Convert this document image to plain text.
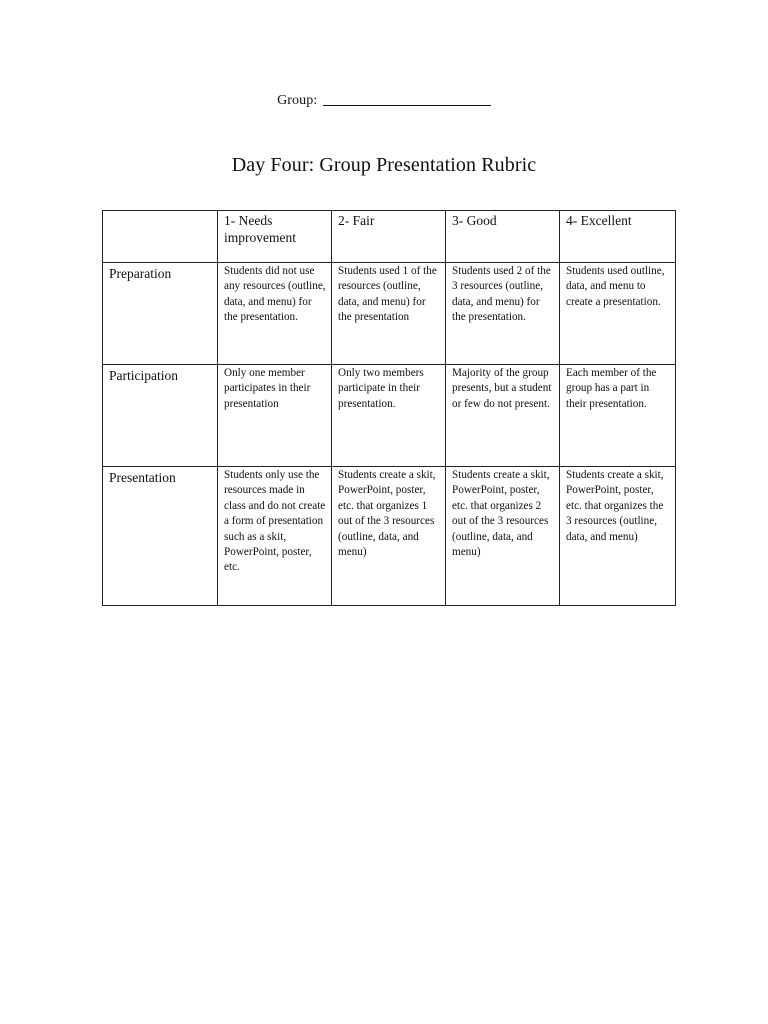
Group:
Day Four: Group Presentation Rubric
	1- Needs improvement	2- Fair	3- Good	4- Excellent
Preparation	Students did not use any resources (outline, data, and menu) for the presentation.	Students used 1 of the resources (outline, data, and menu) for the presentation	Students used 2 of the 3 resources (outline, data, and menu) for the presentation.	Students used outline, data, and menu to create a presentation.
Participation	Only one member participates in their presentation	Only two members participate in their presentation.	Majority of the group presents, but a student or few do not present.	Each member of the group has a part in their presentation.
Presentation	Students only use the resources made in class and do not create a form of presentation such as a skit, PowerPoint, poster, etc.	Students create a skit, PowerPoint, poster, etc. that organizes 1 out of the 3 resources (outline, data, and menu)	Students create a skit, PowerPoint, poster, etc. that organizes 2 out of the 3 resources (outline, data, and menu)	Students create a skit, PowerPoint, poster, etc. that organizes the 3 resources (outline, data, and menu)
